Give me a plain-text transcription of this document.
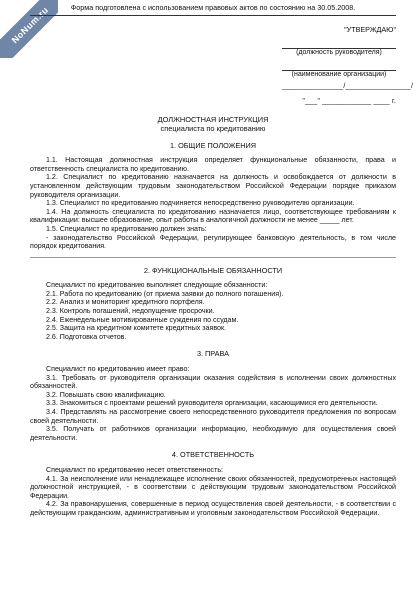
NoNum.ru	Форма подготовлена с использованием правовых актов по состоянию на 30.05.2008.
"УТВЕРЖДАЮ"
(должность руководителя)
(наименование организации)
_______________/________________/
"___" ____________ ____ г.
ДОЛЖНОСТНАЯ ИНСТРУКЦИЯ
специалиста по кредитованию
1. ОБЩИЕ ПОЛОЖЕНИЯ

1.1. Настоящая должностная инструкция определяет функциональные обязанности, права и ответственность специалиста по кредитованию.

1.2. Специалист по кредитованию назначается на должность и освобождается от должности в установленном действующим трудовым законодательством Российской Федерации порядке приказом руководителя организации.

1.3. Специалист по кредитованию подчиняется непосредственно руководителю организации.

1.4. На должность специалиста по кредитованию назначается лицо, соответствующее требованиям к квалификации: высшее образование, опыт работы в аналогичной должности не менее _____ лет.

1.5. Специалист по кредитованию должен знать:

- законодательство Российской Федерации, регулирующее банковскую деятельность, в том числе порядок кредитования.

2. ФУНКЦИОНАЛЬНЫЕ ОБЯЗАННОСТИ

Специалист по кредитованию выполняет следующие обязанности:

2.1. Работа по кредитованию (от приема заявки до полного погашения).

2.2. Анализ и мониторинг кредитного портфеля.

2.3. Контроль погашений, недопущение просрочки.

2.4. Еженедельные мотивированные суждения по ссудам.

2.5. Защита на кредитном комитете кредитных заявок.

2.6. Подготовка отчетов.

3. ПРАВА

Специалист по кредитованию имеет право:

3.1. Требовать от руководителя организации оказания содействия в исполнении своих должностных обязанностей.

3.2. Повышать свою квалификацию.

3.3. Знакомиться с проектами решений руководителя организации, касающимися его деятельности.

3.4. Представлять на рассмотрение своего непосредственного руководителя предложения по вопросам своей деятельности.

3.5. Получать от работников организации информацию, необходимую для осуществления своей деятельности.

4. ОТВЕТСТВЕННОСТЬ

Специалист по кредитованию несет ответственность:

4.1. За неисполнение или ненадлежащее исполнение своих обязанностей, предусмотренных настоящей должностной инструкцией, - в соответствии с действующим трудовым законодательством Российской Федерации.

4.2. За правонарушения, совершенные в период осуществления своей деятельности, - в соответствии с действующим гражданским, административным и уголовным законодательством Российской Федерации.
